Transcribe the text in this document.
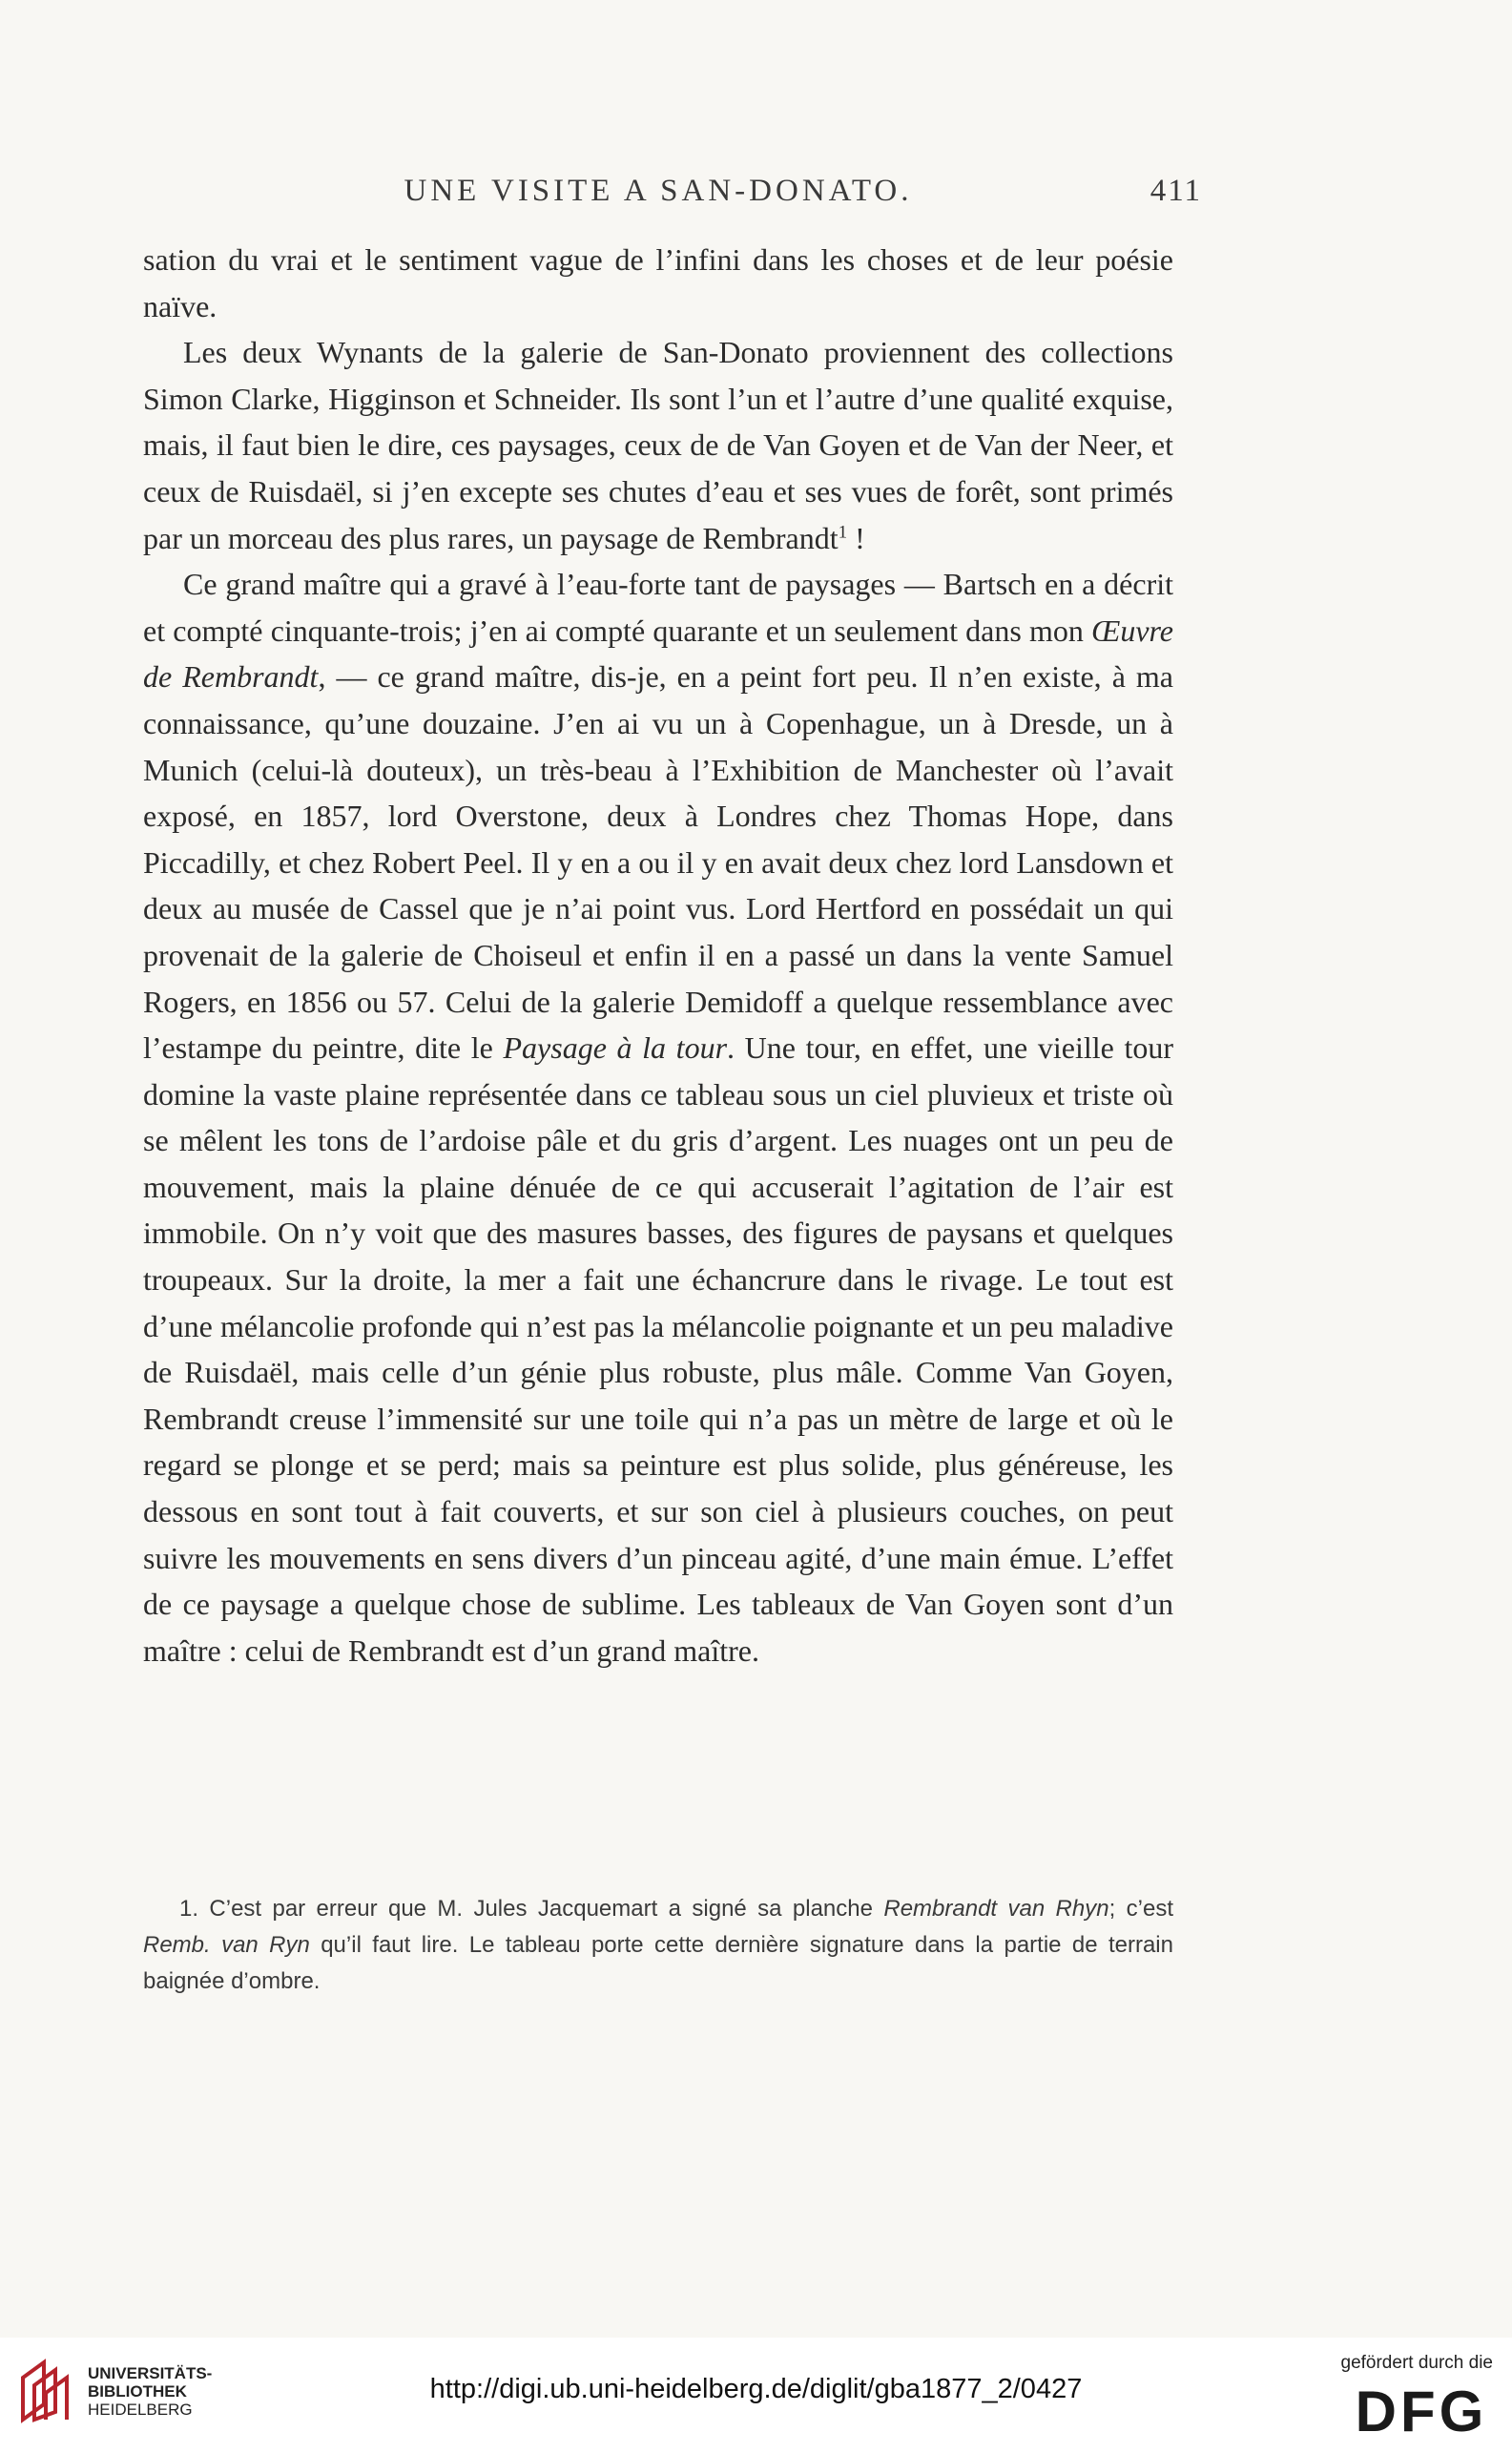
UNE VISITE A SAN-DONATO.	411

sation du vrai et le sentiment vague de l’infini dans les choses et de leur poésie naïve.

Les deux Wynants de la galerie de San-Donato proviennent des collections Simon Clarke, Higginson et Schneider. Ils sont l’un et l’autre d’une qualité exquise, mais, il faut bien le dire, ces paysages, ceux de de Van Goyen et de Van der Neer, et ceux de Ruisdaël, si j’en excepte ses chutes d’eau et ses vues de forêt, sont primés par un morceau des plus rares, un paysage de Rembrandt$^1$ !

Ce grand maître qui a gravé à l’eau-forte tant de paysages — Bartsch en a décrit et compté cinquante-trois; j’en ai compté quarante et un seulement dans mon Œuvre de Rembrandt, — ce grand maître, dis-je, en a peint fort peu. Il n’en existe, à ma connaissance, qu’une douzaine. J’en ai vu un à Copenhague, un à Dresde, un à Munich (celui-là douteux), un très-beau à l’Exhibition de Manchester où l’avait exposé, en 1857, lord Overstone, deux à Londres chez Thomas Hope, dans Piccadilly, et chez Robert Peel. Il y en a ou il y en avait deux chez lord Lansdown et deux au musée de Cassel que je n’ai point vus. Lord Hertford en possédait un qui provenait de la galerie de Choiseul et enfin il en a passé un dans la vente Samuel Rogers, en 1856 ou 57. Celui de la galerie Demidoff a quelque ressemblance avec l’estampe du peintre, dite le Paysage à la tour. Une tour, en effet, une vieille tour domine la vaste plaine représentée dans ce tableau sous un ciel pluvieux et triste où se mêlent les tons de l’ardoise pâle et du gris d’argent. Les nuages ont un peu de mouvement, mais la plaine dénuée de ce qui accuserait l’agitation de l’air est immobile. On n’y voit que des masures basses, des figures de paysans et quelques troupeaux. Sur la droite, la mer a fait une échancrure dans le rivage. Le tout est d’une mélancolie profonde qui n’est pas la mélancolie poignante et un peu maladive de Ruisdaël, mais celle d’un génie plus robuste, plus mâle. Comme Van Goyen, Rembrandt creuse l’immensité sur une toile qui n’a pas un mètre de large et où le regard se plonge et se perd; mais sa peinture est plus solide, plus généreuse, les dessous en sont tout à fait couverts, et sur son ciel à plusieurs couches, on peut suivre les mouvements en sens divers d’un pinceau agité, d’une main émue. L’effet de ce paysage a quelque chose de sublime. Les tableaux de Van Goyen sont d’un maître : celui de Rembrandt est d’un grand maître.

1. C’est par erreur que M. Jules Jacquemart a signé sa planche Rembrandt van Rhyn; c’est Remb. van Ryn qu’il faut lire. Le tableau porte cette dernière signature dans la partie de terrain baignée d’ombre.
UNIVERSITÄTS-
BIBLIOTHEK
HEIDELBERG
http://digi.ub.uni-heidelberg.de/diglit/gba1877_2/0427
gefördert durch die
DFG
